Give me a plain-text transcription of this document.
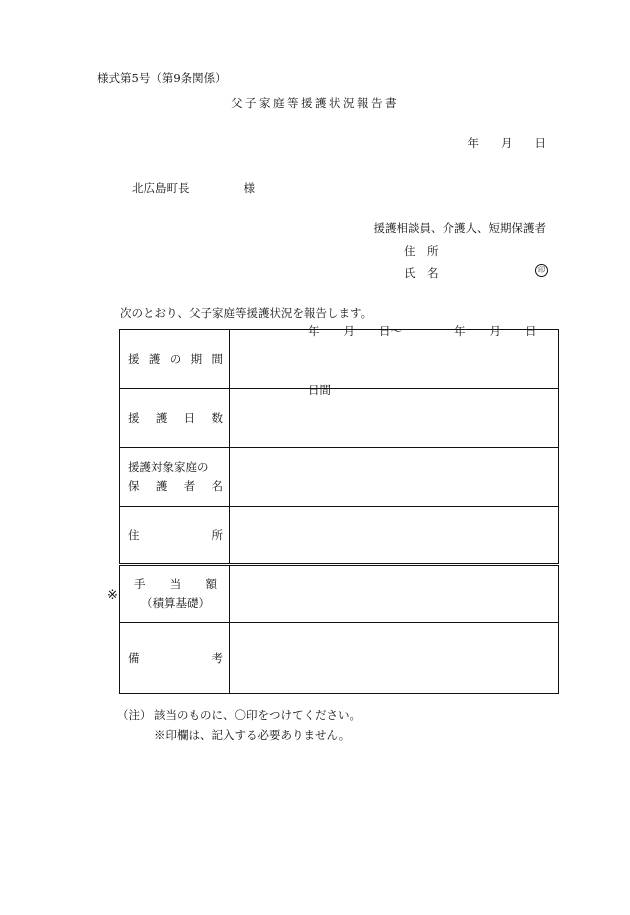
様式第5号（第9条関係）
父子家庭等援護状況報告書
年 月 日
北広島町長	様
援護相談員、介護人、短期保護者
住　所
氏　名	印
次のとおり、父子家庭等援護状況を報告します。
援 護 の 期 間	年 月 日～ 年 月 日

援 護 日 数	日間

援護対象家庭の
保 護 者 名	

住 所	

手 当 額
（積算基礎）	

備 考	

※
（注） 該当のものに、〇印をつけてください。
※印欄は、記入する必要ありません。
